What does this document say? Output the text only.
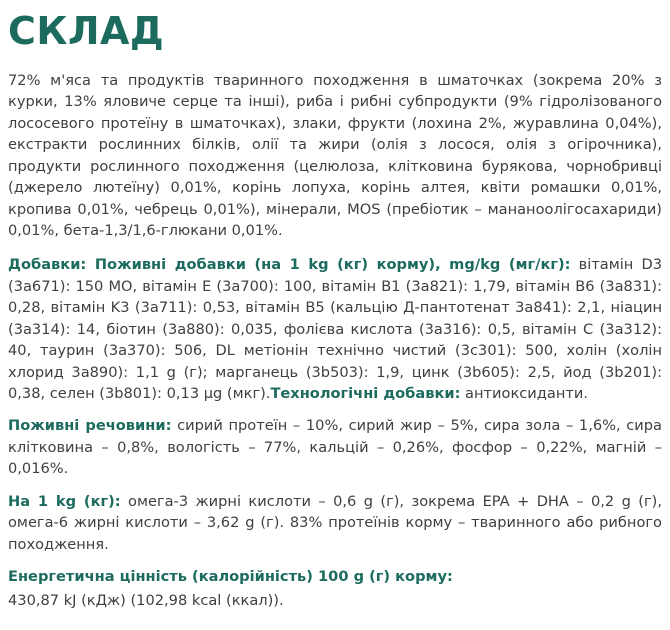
СКЛАД

72% м'яса та продуктів тваринного походження в шматочках (зокрема 20% з курки, 13% яловиче серце та інші), риба і рибні субпродукти (9% гідролізованого лососевого протеїну в шматочках), злаки, фрукти (лохина 2%, журавлина 0,04%), екстракти рослинних білків, олії та жири (олія з лосося, олія з огірочника), продукти рослинного походження (целюлоза, клітковина бурякова, чорнобривці (джерело лютеїну) 0,01%, корінь лопуха, корінь алтея, квіти ромашки 0,01%, кропива 0,01%, чебрець 0,01%), мінерали, MOS (пребіотик – мананоолігосахариди) 0,01%, бета-1,3/1,6-глюкани 0,01%.

Добавки: Поживні добавки (на 1 kg (кг) корму), mg/kg (мг/кг): вітамін D3 (3a671): 150 МО, вітамін Е (3a700): 100, вітамін B1 (3a821): 1,79, вітамін B6 (3a831): 0,28, вітамін K3 (3a711): 0,53, вітамін B5 (кальцію Д-пантотенат 3a841): 2,1, ніацин (3a314): 14, біотин (3a880): 0,035, фолієва кислота (3a316): 0,5, вітамін C (3a312): 40, таурин (3a370): 506, DL метіонін технічно чистий (3c301): 500, холін (холін хлорид 3a890): 1,1 g (г); марганець (3b503): 1,9, цинк (3b605): 2,5, йод (3b201): 0,38, селен (3b801): 0,13 µg (мкг).Технологічні добавки: антиоксиданти.

Поживні речовини: сирий протеїн – 10%, сирий жир – 5%, сира зола – 1,6%, сира клітковина – 0,8%, вологість – 77%, кальцій – 0,26%, фосфор – 0,22%, магній – 0,016%.

На 1 kg (кг): омега-3 жирні кислоти – 0,6 g (г), зокрема EPA + DHA – 0,2 g (г), омега-6 жирні кислоти – 3,62 g (г). 83% протеїнів корму – тваринного або рибного походження.

Енергетична цінність (калорійність) 100 g (г) корму:

430,87 kJ (кДж) (102,98 kcal (ккал)).
